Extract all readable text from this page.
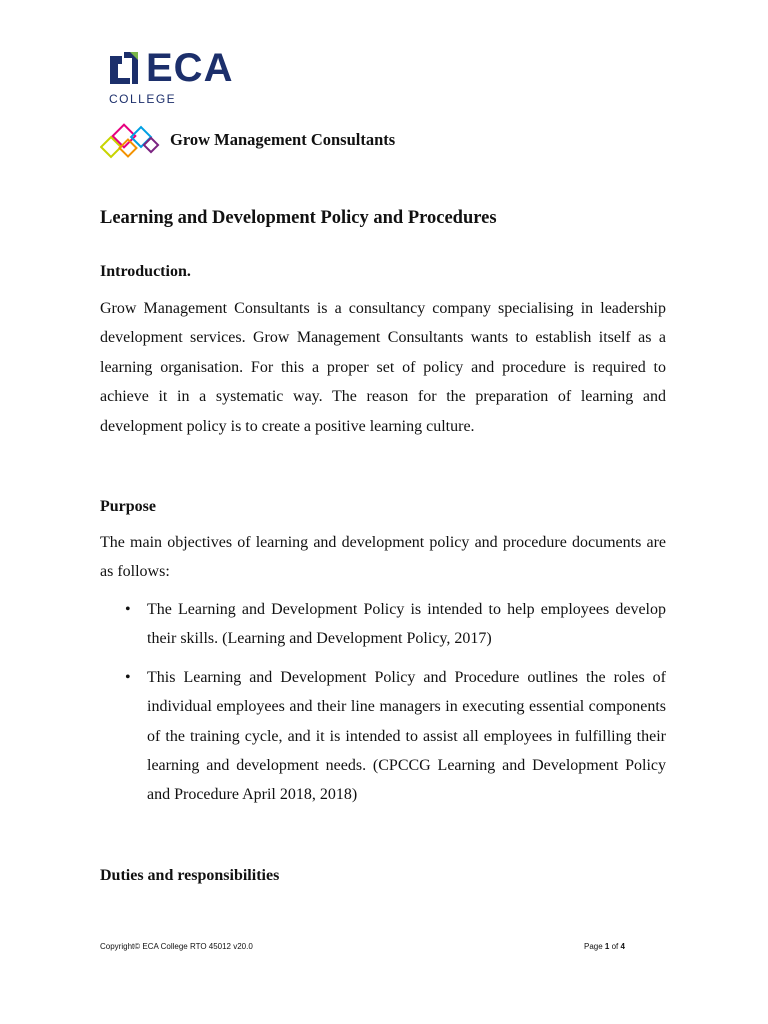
ECA
COLLEGE
Grow Management Consultants
Learning and Development Policy and Procedures
Introduction.

Grow Management Consultants is a consultancy company specialising in leadership development services. Grow Management Consultants wants to establish itself as a learning organisation. For this a proper set of policy and procedure is required to achieve it in a systematic way. The reason for the preparation of learning and development policy is to create a positive learning culture.

Purpose

The main objectives of learning and development policy and procedure documents are as follows:

• The Learning and Development Policy is intended to help employees develop their skills. (Learning and Development Policy, 2017)
• This Learning and Development Policy and Procedure outlines the roles of individual employees and their line managers in executing essential components of the training cycle, and it is intended to assist all employees in fulfilling their learning and development needs. (CPCCG Learning and Development Policy and Procedure April 2018, 2018)
Duties and responsibilities
Copyright© ECA College RTO 45012 v20.0	Page 1 of 4
